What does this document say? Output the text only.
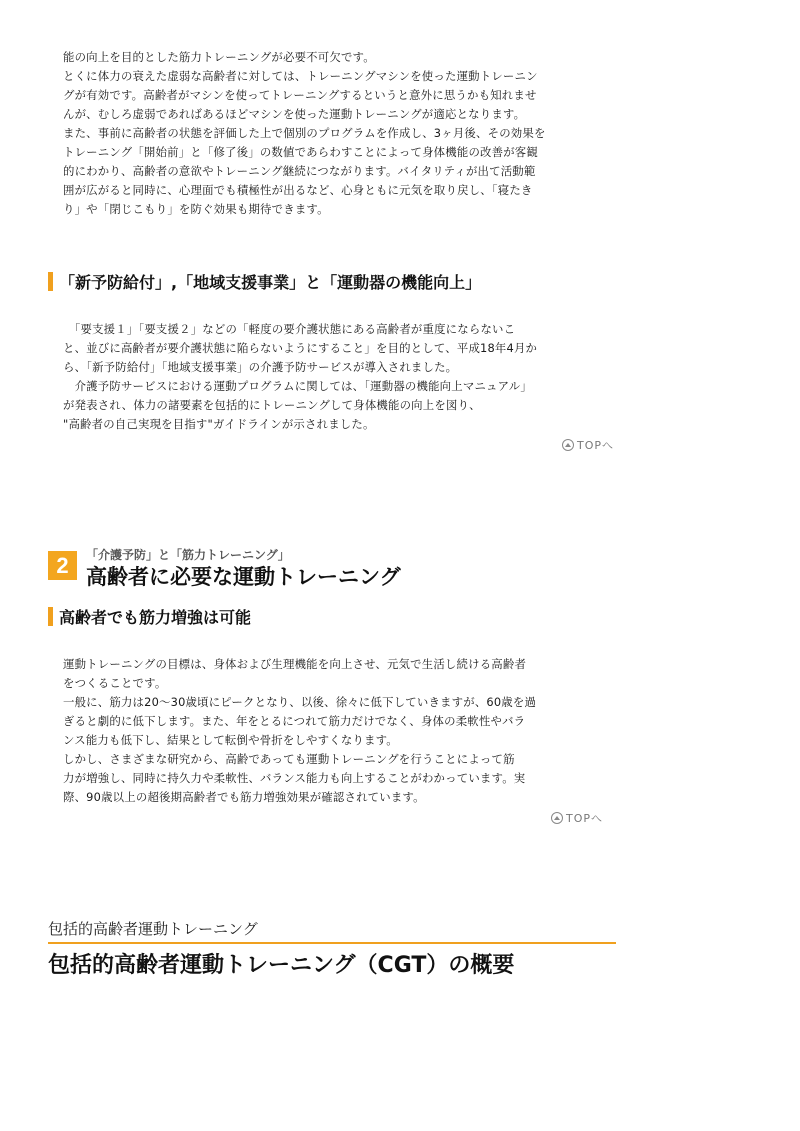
能の向上を目的とした筋力トレーニングが必要不可欠です。
とくに体力の衰えた虚弱な高齢者に対しては、トレーニングマシンを使った運動トレーニン
グが有効です。高齢者がマシンを使ってトレーニングするというと意外に思うかも知れませ
んが、むしろ虚弱であればあるほどマシンを使った運動トレーニングが適応となります。
また、事前に高齢者の状態を評価した上で個別のプログラムを作成し、3ヶ月後、その効果を
トレーニング「開始前」と「修了後」の数値であらわすことによって身体機能の改善が客観
的にわかり、高齢者の意欲やトレーニング継続につながります。バイタリティが出て活動範
囲が広がると同時に、心理面でも積極性が出るなど、心身ともに元気を取り戻し、「寝たき
り」や「閉じこもり」を防ぐ効果も期待できます。
「新予防給付」,「地域支援事業」と「運動器の機能向上」
　「要支援１」「要支援２」などの「軽度の要介護状態にある高齢者が重度にならないこ
と、並びに高齢者が要介護状態に陥らないようにすること」を目的として、平成18年4月か
ら、「新予防給付」「地域支援事業」の介護予防サービスが導入されました。
　介護予防サービスにおける運動プログラムに関しては、「運動器の機能向上マニュアル」
が発表され、体力の諸要素を包括的にトレーニングして身体機能の向上を図り、
"高齢者の自己実現を目指す"ガイドラインが示されました。
TOPへ
2	「介護予防」と「筋力トレーニング」
高齢者に必要な運動トレーニング
高齢者でも筋力増強は可能
運動トレーニングの目標は、身体および生理機能を向上させ、元気で生活し続ける高齢者
をつくることです。
一般に、筋力は20～30歳頃にピークとなり、以後、徐々に低下していきますが、60歳を過
ぎると劇的に低下します。また、年をとるにつれて筋力だけでなく、身体の柔軟性やバラ
ンス能力も低下し、結果として転倒や骨折をしやすくなります。
しかし、さまざまな研究から、高齢であっても運動トレーニングを行うことによって筋
力が増強し、同時に持久力や柔軟性、バランス能力も向上することがわかっています。実
際、90歳以上の超後期高齢者でも筋力増強効果が確認されています。
TOPへ
包括的高齢者運動トレーニング
包括的高齢者運動トレーニング（CGT）の概要
